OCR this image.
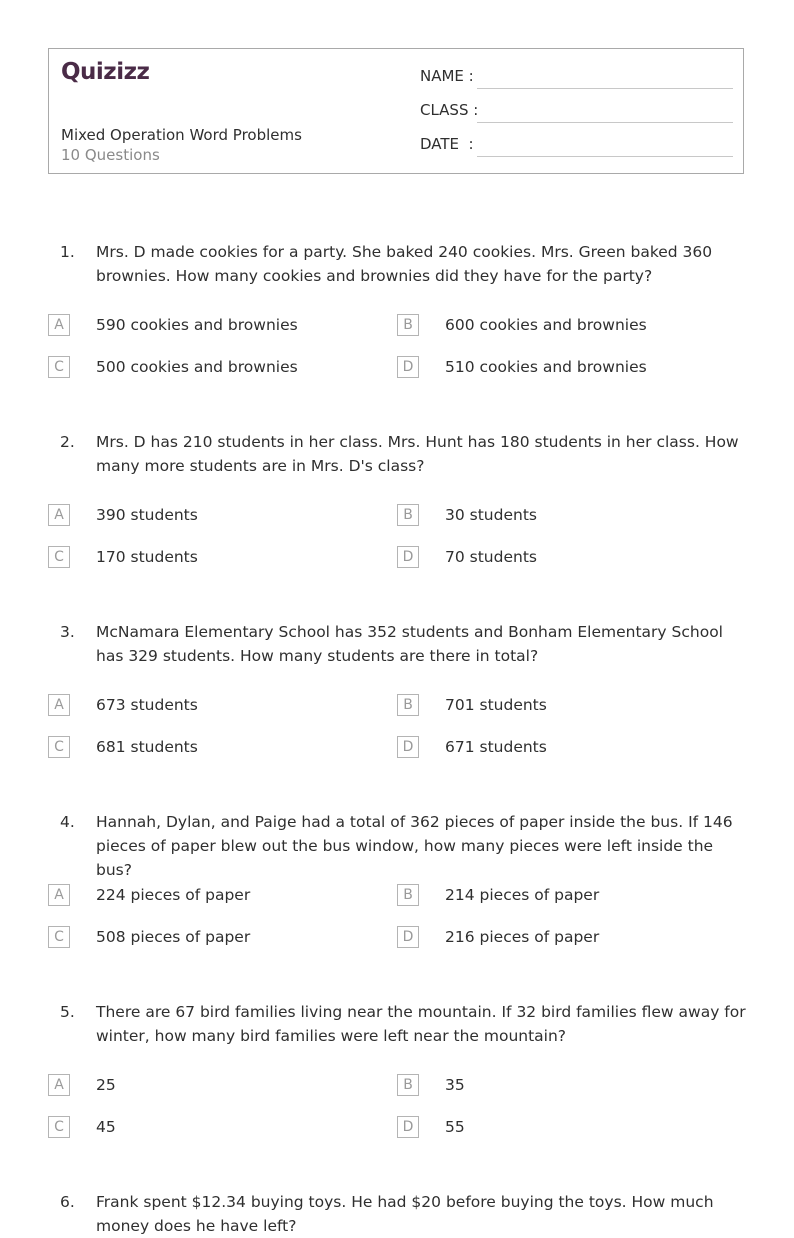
Quizizz
Mixed Operation Word Problems
10 Questions
NAME :
CLASS :
DATE  :
1. Mrs. D made cookies for a party. She baked 240 cookies. Mrs. Green baked 360 brownies. How many cookies and brownies did they have for the party?
A	590 cookies and brownies	B	600 cookies and brownies
C	500 cookies and brownies	D	510 cookies and brownies
2. Mrs. D has 210 students in her class. Mrs. Hunt has 180 students in her class. How many more students are in Mrs. D's class?
A	390 students	B	30 students
C	170 students	D	70 students
3. McNamara Elementary School has 352 students and Bonham Elementary School has 329 students. How many students are there in total?
A	673 students	B	701 students
C	681 students	D	671 students
4. Hannah, Dylan, and Paige had a total of 362 pieces of paper inside the bus. If 146 pieces of paper blew out the bus window, how many pieces were left inside the bus?
A	224 pieces of paper	B	214 pieces of paper
C	508 pieces of paper	D	216 pieces of paper
5. There are 67 bird families living near the mountain. If 32 bird families flew away for winter, how many bird families were left near the mountain?
A	25	B	35
C	45	D	55
6. Frank spent $12.34 buying toys. He had $20 before buying the toys. How much money does he have left?
